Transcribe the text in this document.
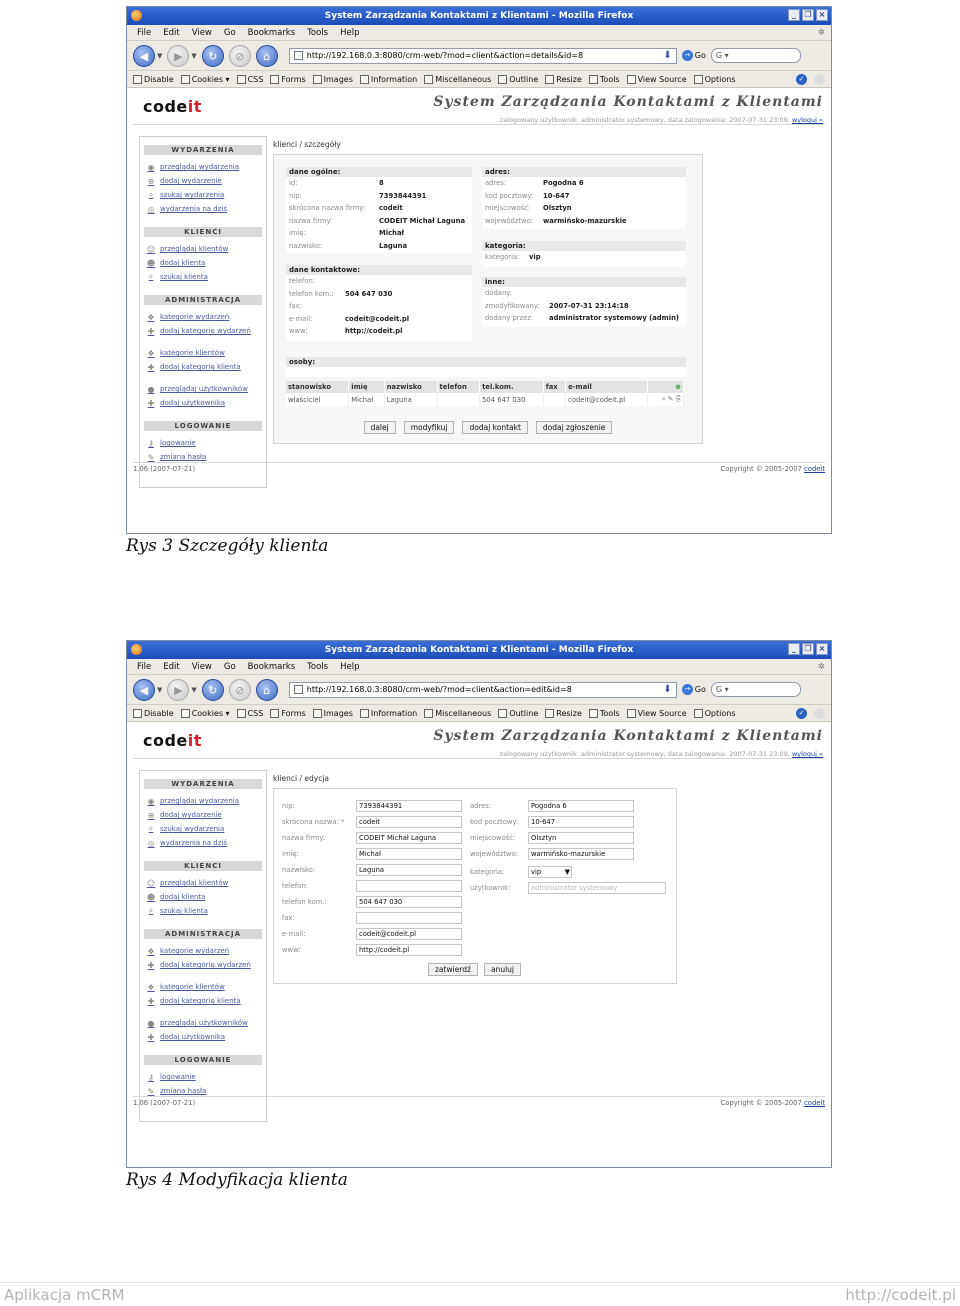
System Zarządzania Kontaktami z Klientami - Mozilla Firefox	_	❐ ×
File Edit View Go Bookmarks Tools Help	✲
◀	▼	▶	▼	↻	⊘	⌂	http://192.168.0.3:8080/crm-web/?mod=client&action=details&id=8	⬇	→ Go	G ▾
Disable Cookies ▾ CSS Forms Images Information Miscellaneous Outline Resize Tools View Source Options	✓
codeit	System Zarządzania Kontaktami z Klientami
zalogowany użytkownik: administrator systemowy, data zalogowania: 2007-07-31 23:09, wyloguj »
WYDARZENIA
◉ przeglądaj wydarzenia
⊕ dodaj wydarzenie
⌕ szukaj wydarzenia
◎ wydarzenia na dziś
KLIENCI
☺ przeglądaj klientów
☻ dodaj klienta
⌕ szukaj klienta
ADMINISTRACJA
❖ kategorie wydarzeń
✚ dodaj kategorię wydarzeń
❖ kategorie klientów
✚ dodaj kategorię klienta
● przeglądaj użytkowników
✚ dodaj użytkownika
LOGOWANIE
⚷ logowanie
✎ zmiana hasła
klienci / szczegóły
dane ogólne:
id:	8
nip:	7393844391
skrócona nazwa firmy:	codeit
nazwa firmy:	CODEIT Michał Laguna
imię:	Michał
nazwisko:	Laguna
dane kontaktowe:
telefon:
telefon kom.:	504 647 030
fax:
e-mail:	codeit@codeit.pl
www:	http://codeit.pl
adres:
adres:	Pogodna 6
kod pocztowy:	10-647
miejscowość:	Olsztyn
województwo:	warmińsko-mazurskie
kategoria:
kategoria:	vip
inne:
dodany:
zmodyfikowany:	2007-07-31 23:14:18
dodany przez:	administrator systemowy (admin)
osoby:
stanowisko	imię	nazwisko	telefon	tel.kom.	fax	e-mail	⊕
właściciel	Michał	Laguna		504 647 030		codeit@codeit.pl	⌕ ✎ ⎘
dalej	modyfikuj	dodaj kontakt	dodaj zgłoszenie
1.06 (2007-07-21)	Copyright © 2005-2007 codeit
Rys 3 Szczegóły klienta
System Zarządzania Kontaktami z Klientami - Mozilla Firefox	_	❐ ×
File Edit View Go Bookmarks Tools Help	✲
◀	▼	▶	▼	↻	⊘	⌂	http://192.168.0.3:8080/crm-web/?mod=client&action=edit&id=8	⬇	→ Go	G ▾
Disable Cookies ▾ CSS Forms Images Information Miscellaneous Outline Resize Tools View Source Options	✓
codeit	System Zarządzania Kontaktami z Klientami
zalogowany użytkownik: administrator systemowy, data zalogowania: 2007-07-31 23:09, wyloguj »
WYDARZENIA
◉ przeglądaj wydarzenia
⊕ dodaj wydarzenie
⌕ szukaj wydarzenia
◎ wydarzenia na dziś
KLIENCI
☺ przeglądaj klientów
☻ dodaj klienta
⌕ szukaj klienta
ADMINISTRACJA
❖ kategorie wydarzeń
✚ dodaj kategorię wydarzeń
❖ kategorie klientów
✚ dodaj kategorię klienta
● przeglądaj użytkowników
✚ dodaj użytkownika
LOGOWANIE
⚷ logowanie
✎ zmiana hasła
klienci / edycja
nip:	7393844391
skrócona nazwa: *	codeit
nazwa firmy:	CODEIT Michał Laguna
imię:	Michał
nazwisko:	Laguna
telefon:
telefon kom.:	504 647 030
fax:
e-mail:	codeit@codeit.pl
www:	http://codeit.pl
adres:	Pogodna 6
kod pocztowy:	10-647
miejscowość:	Olsztyn
województwo:	warmińsko-mazurskie
kategoria:	vip	▼
użytkownik:	administrator systemowy
zatwierdź	anuluj
1.06 (2007-07-21)	Copyright © 2005-2007 codeit
Rys 4 Modyfikacja klienta
Aplikacja mCRM	http://codeit.pl
